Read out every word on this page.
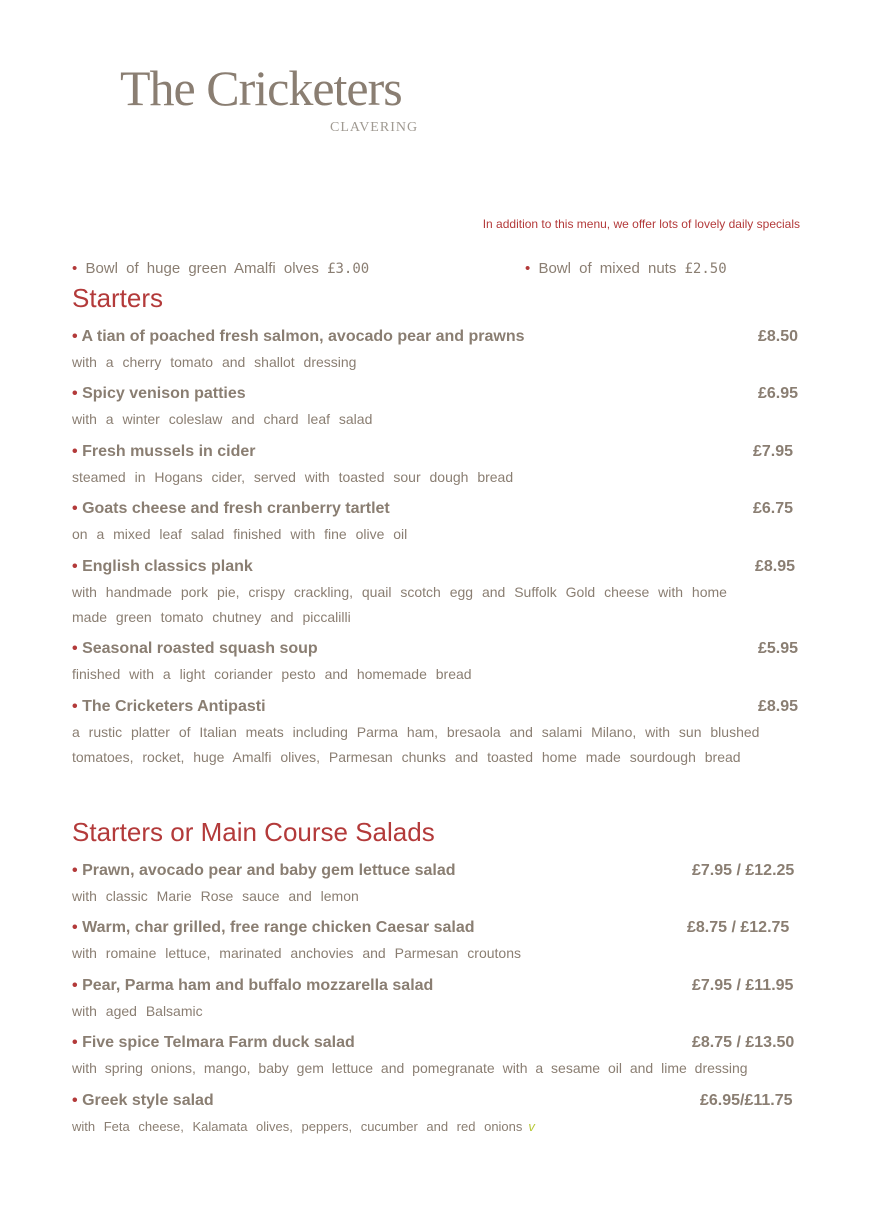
The Cricketers
CLAVERING
In addition to this menu, we offer lots of lovely daily specials
• Bowl of huge green Amalfi olves £3.00	• Bowl of mixed nuts £2.50
Starters
• A tian of poached fresh salmon, avocado pear and prawns	£8.50
with a cherry tomato and shallot dressing
• Spicy venison patties	£6.95
with a winter coleslaw and chard leaf salad
• Fresh mussels in cider	£7.95
steamed in Hogans cider, served with toasted sour dough bread
• Goats cheese and fresh cranberry tartlet	£6.75
on a mixed leaf salad finished with fine olive oil
• English classics plank	£8.95
with handmade pork pie, crispy crackling, quail scotch egg and Suffolk Gold cheese with home made green tomato chutney and piccalilli
• Seasonal roasted squash soup	£5.95
finished with a light coriander pesto and homemade bread
• The Cricketers Antipasti	£8.95
a rustic platter of Italian meats including Parma ham, bresaola and salami Milano, with sun blushed tomatoes, rocket, huge Amalfi olives, Parmesan chunks and toasted home made sourdough bread
Starters or Main Course Salads
• Prawn, avocado pear and baby gem lettuce salad	£7.95 / £12.25
with classic Marie Rose sauce and lemon
• Warm, char grilled, free range chicken Caesar salad	£8.75 / £12.75
with romaine lettuce, marinated anchovies and Parmesan croutons
• Pear, Parma ham and buffalo mozzarella salad	£7.95 / £11.95
with aged Balsamic
• Five spice Telmara Farm duck salad	£8.75 / £13.50
with spring onions, mango, baby gem lettuce and pomegranate with a sesame oil and lime dressing
• Greek style salad	£6.95/£11.75
with Feta cheese, Kalamata olives, peppers, cucumber and red onions v
